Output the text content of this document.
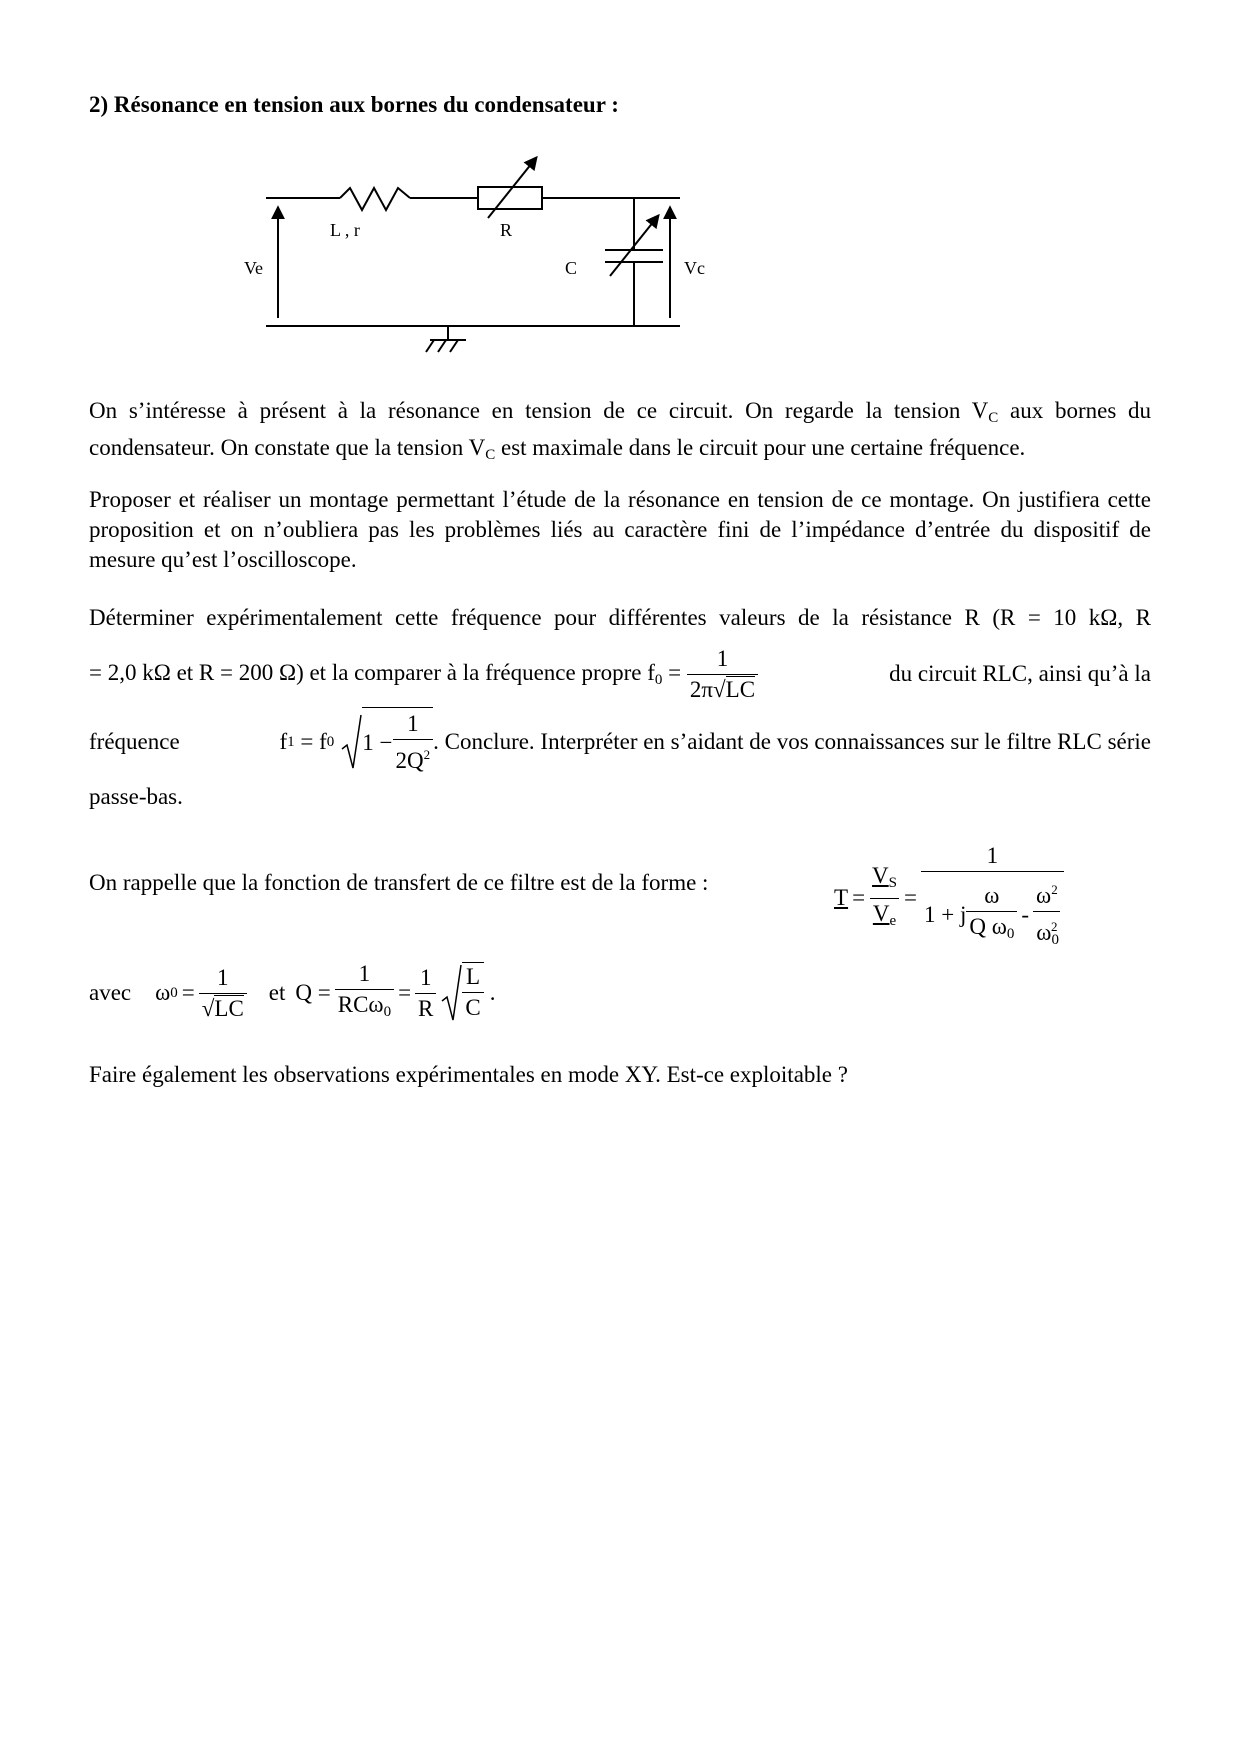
2) Résonance en tension aux bornes du condensateur :
L , r	R
C
Ve	Vc
On s’intéresse à présent à la résonance en tension de ce circuit. On regarde la tension $V_C$ aux bornes du condensateur. On constate que la tension $V_C$ est maximale dans le circuit pour une certaine fréquence.
Proposer et réaliser un montage permettant l’étude de la résonance en tension de ce montage. On justifiera cette proposition et on n’oubliera pas les problèmes liés au caractère fini de l’impédance d’entrée du dispositif de mesure qu’est l’oscilloscope.
Déterminer expérimentalement cette fréquence pour différentes valeurs de la résistance R (R = 10 kΩ, R
= 2,0 kΩ et R = 200 Ω) et la comparer à la fréquence propre $f_0 = \frac{1}{2\pi√LC}$	du circuit RLC, ainsi qu’à la
fréquence	f 1
= f 0 $1 - \frac{1}{2Q^2}$ . Conclure. Interpréter en s’aidant de vos connaissances sur le filtre RLC série
passe-bas.
On rappelle que la fonction de transfert de ce filtre est de la forme :
$T = \frac{V_S}{V_e} = \frac{1}{1 + j \frac{\omega}{Q \omega_0} - \frac{\omega^2}{\omega_0^2}}$
avec ω $0 = \frac{1}{√LC}$ et $Q = \frac{1}{RC\omega_0} = \frac{1}{R} \frac{L}{C}$ .
Faire également les observations expérimentales en mode XY. Est-ce exploitable ?
